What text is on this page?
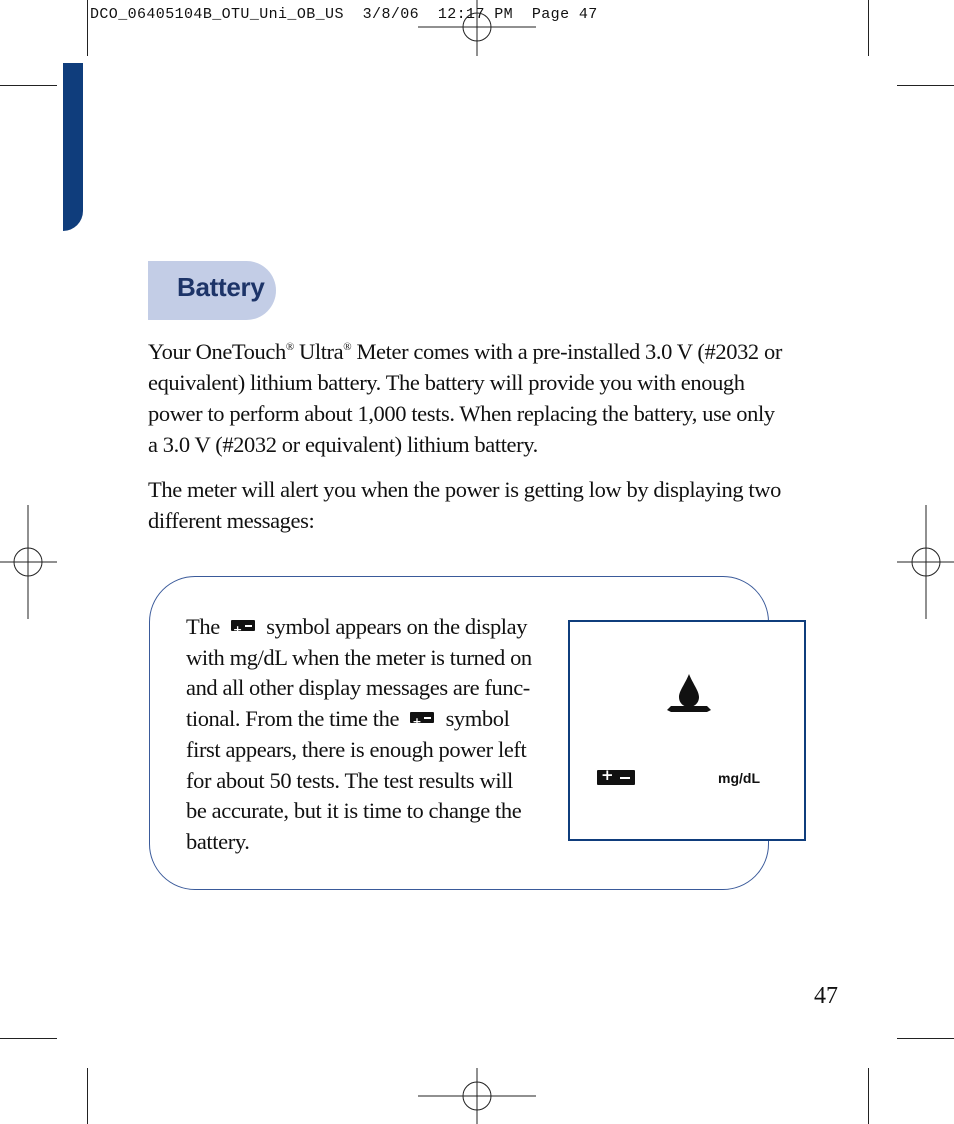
DCO_06405104B_OTU_Uni_OB_US  3/8/06  12:17 PM  Page 47
Battery
Your OneTouch® Ultra® Meter comes with a pre-installed 3.0 V (#2032 or
equivalent) lithium battery. The battery will provide you with enough
power to perform about 1,000 tests. When replacing the battery, use only
a 3.0 V (#2032 or equivalent) lithium battery.
The meter will alert you when the power is getting low by displaying two
different messages:
The + symbol appears on the display
with mg/dL when the meter is turned on
and all other display messages are func-
tional. From the time the + symbol
first appears, there is enough power left
for about 50 tests. The test results will
be accurate, but it is time to change the
battery.
+
mg/dL
47
